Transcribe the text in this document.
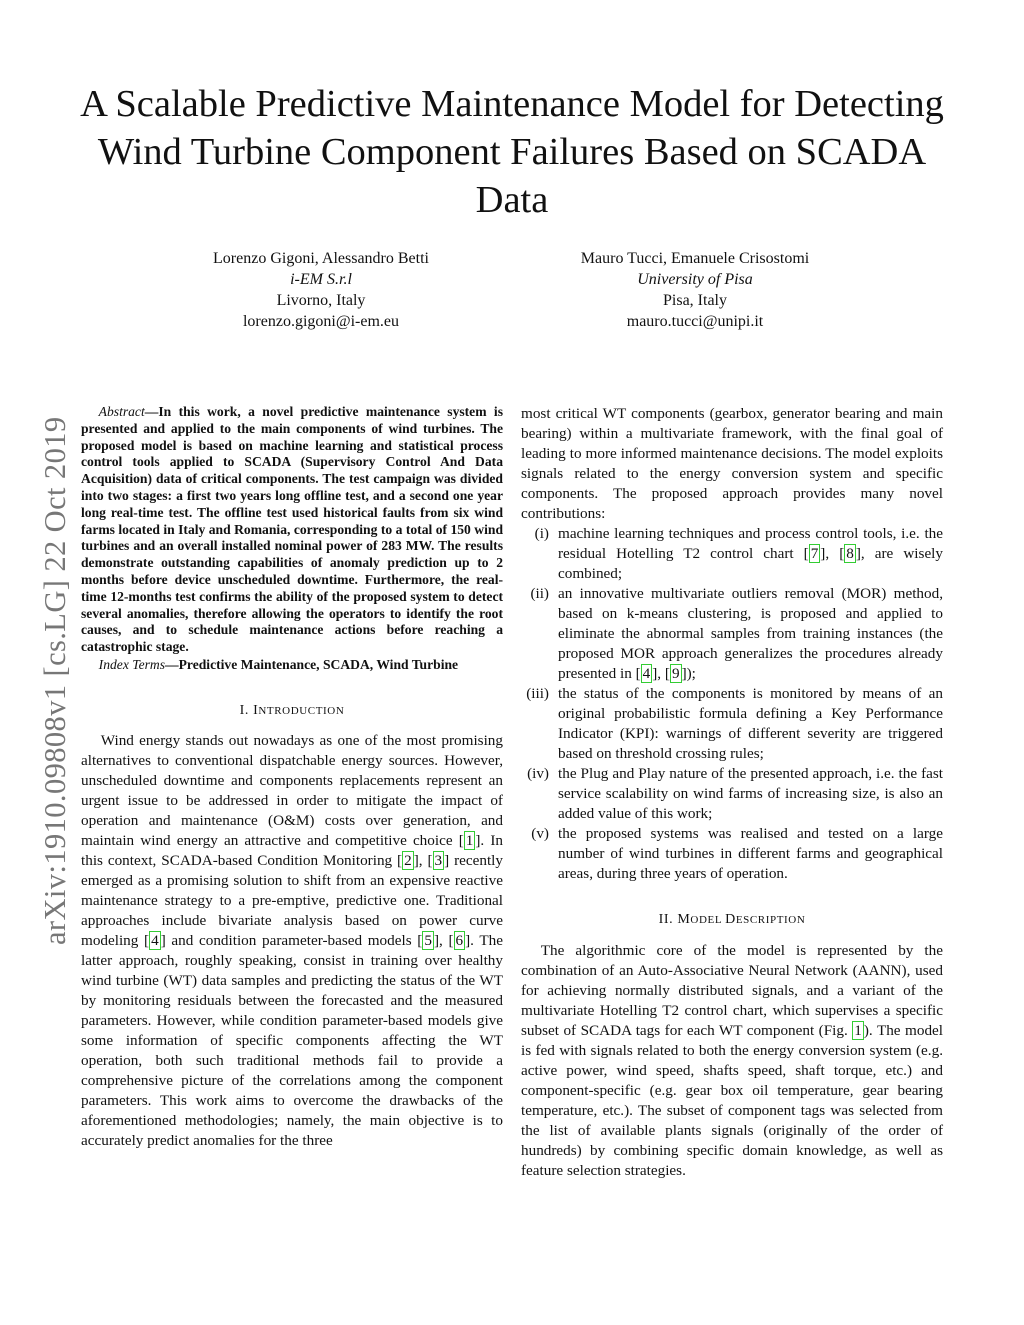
A Scalable Predictive Maintenance Model for Detecting Wind Turbine Component Failures Based on SCADA Data
Lorenzo Gigoni, Alessandro Betti
i-EM S.r.l
Livorno, Italy
lorenzo.gigoni@i-em.eu
Mauro Tucci, Emanuele Crisostomi
University of Pisa
Pisa, Italy
mauro.tucci@unipi.it
arXiv:1910.09808v1 [cs.LG] 22 Oct 2019

Abstract—In this work, a novel predictive maintenance system is presented and applied to the main components of wind turbines. The proposed model is based on machine learning and statistical process control tools applied to SCADA (Supervisory Control And Data Acquisition) data of critical components. The test campaign was divided into two stages: a first two years long offline test, and a second one year long real-time test. The offline test used historical faults from six wind farms located in Italy and Romania, corresponding to a total of 150 wind turbines and an overall installed nominal power of 283 MW. The results demonstrate outstanding capabilities of anomaly prediction up to 2 months before device unscheduled downtime. Furthermore, the real-time 12-months test confirms the ability of the proposed system to detect several anomalies, therefore allowing the operators to identify the root causes, and to schedule maintenance actions before reaching a catastrophic stage.

Index Terms—Predictive Maintenance, SCADA, Wind Turbine

I. INTRODUCTION

Wind energy stands out nowadays as one of the most promising alternatives to conventional dispatchable energy sources. However, unscheduled downtime and components replacements represent an urgent issue to be addressed in order to mitigate the impact of operation and maintenance (O&M) costs over generation, and maintain wind energy an attractive and competitive choice [ 1 ]. In this context, SCADA-based Condition Monitoring [ 2 ], [ 3 ] recently emerged as a promising solution to shift from an expensive reactive maintenance strategy to a pre-emptive, predictive one. Traditional approaches include bivariate analysis based on power curve modeling [ 4 ] and condition parameter-based models [ 5 ], [ 6 ]. The latter approach, roughly speaking, consist in training over healthy wind turbine (WT) data samples and predicting the status of the WT by monitoring residuals between the forecasted and the measured parameters. However, while condition parameter-based models give some information of specific components affecting the WT operation, both such traditional methods fail to provide a comprehensive picture of the correlations among the component parameters. This work aims to overcome the drawbacks of the aforementioned methodologies; namely, the main objective is to accurately predict anomalies for the three

most critical WT components (gearbox, generator bearing and main bearing) within a multivariate framework, with the final goal of leading to more informed maintenance decisions. The model exploits signals related to the energy conversion system and specific components. The proposed approach provides many novel contributions:

(i) machine learning techniques and process control tools, i.e. the residual Hotelling T2 control chart [ 7 ], [ 8 ], are wisely combined;
(ii) an innovative multivariate outliers removal (MOR) method, based on k-means clustering, is proposed and applied to eliminate the abnormal samples from training instances (the proposed MOR approach generalizes the procedures already presented in [ 4 ], [ 9 ]);
(iii) the status of the components is monitored by means of an original probabilistic formula defining a Key Performance Indicator (KPI): warnings of different severity are triggered based on threshold crossing rules;
(iv) the Plug and Play nature of the presented approach, i.e. the fast service scalability on wind farms of increasing size, is also an added value of this work;
(v) the proposed systems was realised and tested on a large number of wind turbines in different farms and geographical areas, during three years of operation.

II. MODEL DESCRIPTION

The algorithmic core of the model is represented by the combination of an Auto-Associative Neural Network (AANN), used for achieving normally distributed signals, and a variant of the multivariate Hotelling T2 control chart, which supervises a specific subset of SCADA tags for each WT component (Fig. 1 ). The model is fed with signals related to both the energy conversion system (e.g. active power, wind speed, shafts speed, shaft torque, etc.) and component-specific (e.g. gear box oil temperature, gear bearing temperature, etc.). The subset of component tags was selected from the list of available plants signals (originally of the order of hundreds) by combining specific domain knowledge, as well as feature selection strategies.
